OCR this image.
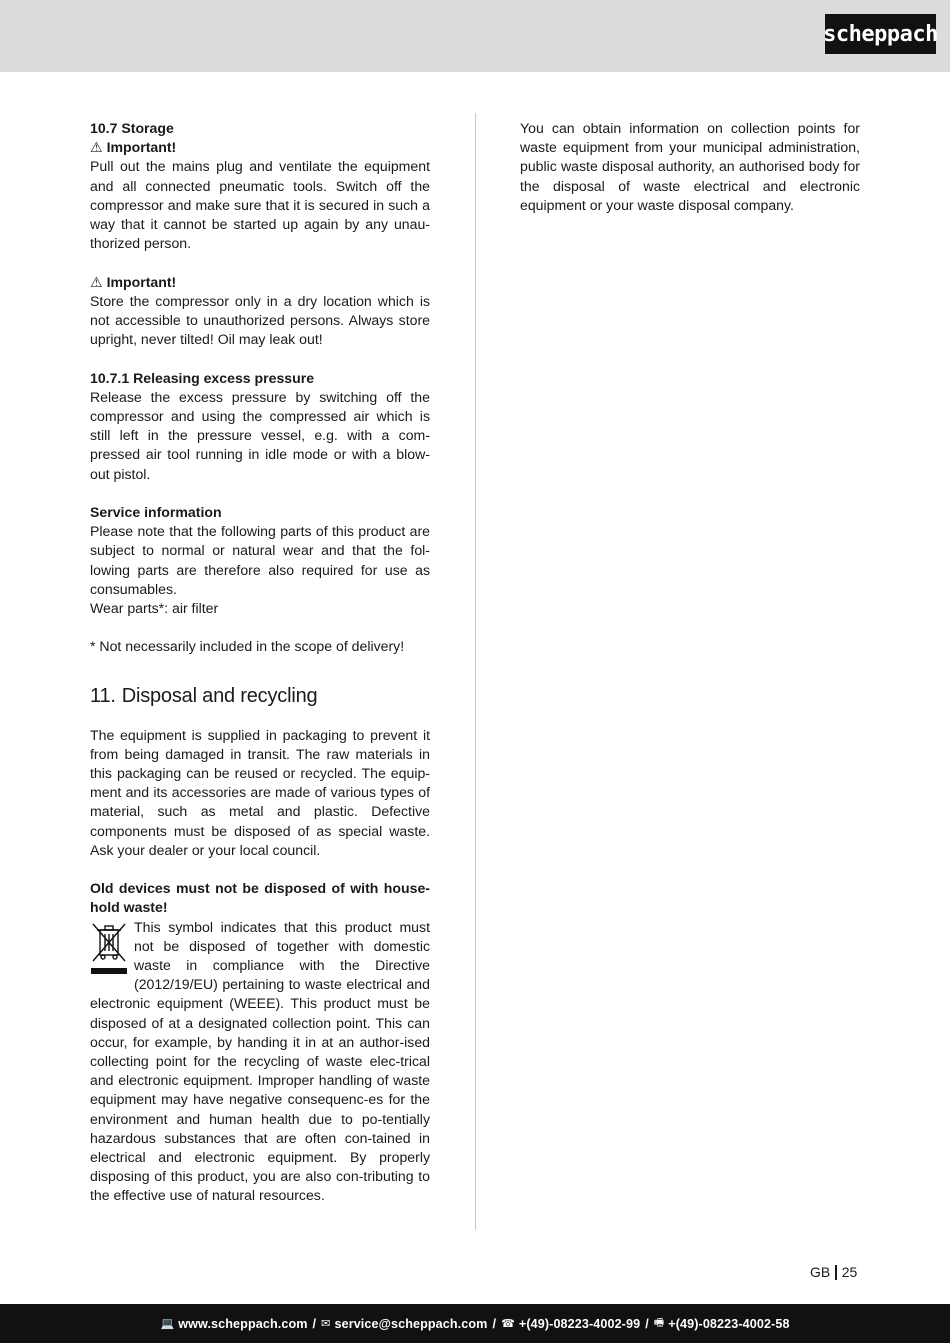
scheppach

10.7 Storage

⚠ Important!

Pull out the mains plug and ventilate the equipment and all connected pneumatic tools. Switch off the compressor and make sure that it is secured in such a way that it cannot be started up again by any unau-thorized person.

⚠ Important!

Store the compressor only in a dry location which is not accessible to unauthorized persons. Always store upright, never tilted! Oil may leak out!

10.7.1 Releasing excess pressure

Release the excess pressure by switching off the compressor and using the compressed air which is still left in the pressure vessel, e.g. with a com-pressed air tool running in idle mode or with a blow-out pistol.

Service information

Please note that the following parts of this product are subject to normal or natural wear and that the fol-lowing parts are therefore also required for use as consumables.

Wear parts*: air filter

* Not necessarily included in the scope of delivery!

11. Disposal and recycling

The equipment is supplied in packaging to prevent it from being damaged in transit. The raw materials in this packaging can be reused or recycled. The equip-ment and its accessories are made of various types of material, such as metal and plastic. Defective components must be disposed of as special waste. Ask your dealer or your local council.

Old devices must not be disposed of with house-hold waste!

This symbol indicates that this product must not be disposed of together with domestic waste in compliance with the Directive (2012/19/EU) pertaining to waste electrical and electronic equipment (WEEE). This product must be disposed of at a designated collection point. This can occur, for example, by handing it in at an author-ised collecting point for the recycling of waste elec-trical and electronic equipment. Improper handling of waste equipment may have negative consequenc-es for the environment and human health due to po-tentially hazardous substances that are often con-tained in electrical and electronic equipment. By properly disposing of this product, you are also con-tributing to the effective use of natural resources.

You can obtain information on collection points for waste equipment from your municipal administration, public waste disposal authority, an authorised body for the disposal of waste electrical and electronic equipment or your waste disposal company.

GB 25
💻 www.scheppach.com / ✉ service@scheppach.com / ☎ +(49)-08223-4002-99 / 🖷 +(49)-08223-4002-58
